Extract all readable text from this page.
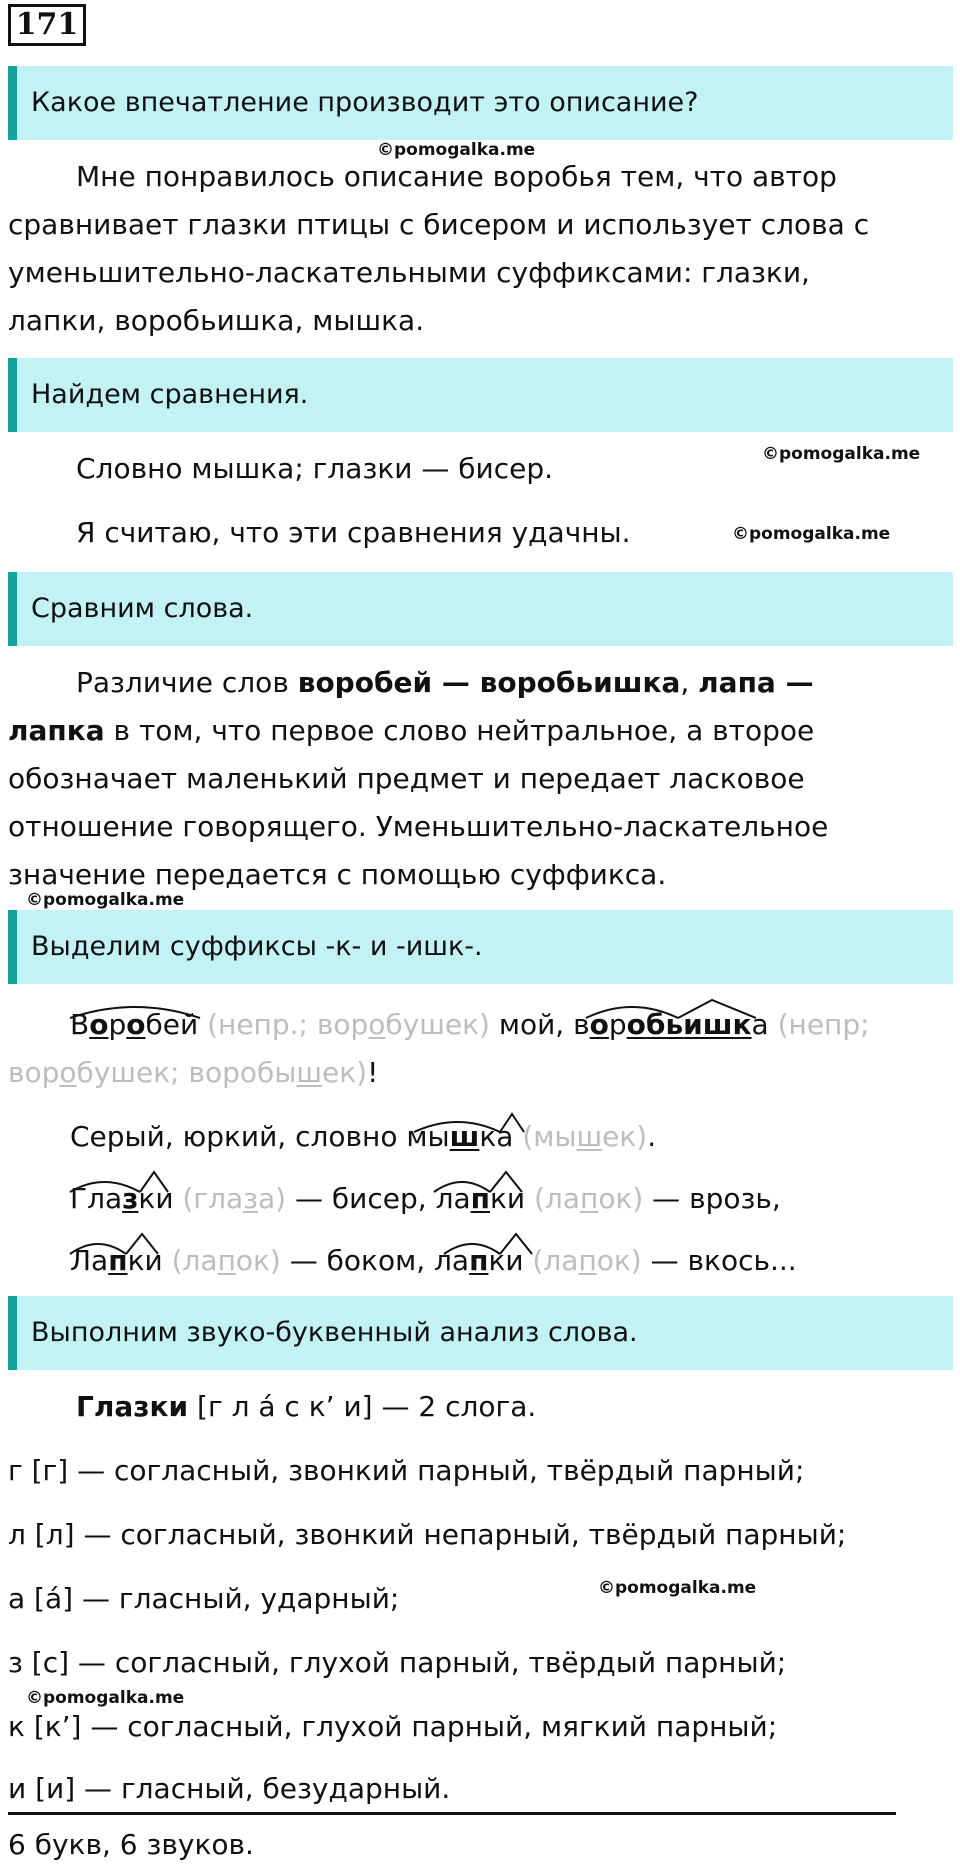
171
Какое впечатление производит это описание?
©pomogalka.me
Мне понравилось описание воробья тем, что автор
сравнивает глазки птицы с бисером и использует слова с
уменьшительно-ласкательными суффиксами: глазки,
лапки, воробьишка, мышка.
Найдем сравнения.
Словно мышка; глазки — бисер.	©pomogalka.me
Я считаю, что эти сравнения удачны.	©pomogalka.me
Сравним слова.
Различие слов воробей — воробьишка, лапа —
лапка в том, что первое слово нейтральное, а второе
обозначает маленький предмет и передает ласковое
отношение говорящего. Уменьшительно-ласкательное
значение передается с помощью суффикса.
©pomogalka.me
Выделим суффиксы -к- и -ишк-.
Воробей (непр.; воробушек) мой, воробьишка (непр;
воробушек; воробышек)!
Серый, юркий, словно мышка (мышек).
Глазки (глаза) — бисер, лапки (лапок) — врозь,
Лапки (лапок) — боком, лапки (лапок) — вкось...
Выполним звуко-буквенный анализ слова.
Глазки [г л а́ с к’ и] — 2 слога.
г [г] — согласный, звонкий парный, твёрдый парный;
л [л] — согласный, звонкий непарный, твёрдый парный;
а [а́] — гласный, ударный;	©pomogalka.me
з [с] — согласный, глухой парный, твёрдый парный;
©pomogalka.me
к [к’] — согласный, глухой парный, мягкий парный;
и [и] — гласный, безударный.
6 букв, 6 звуков.
